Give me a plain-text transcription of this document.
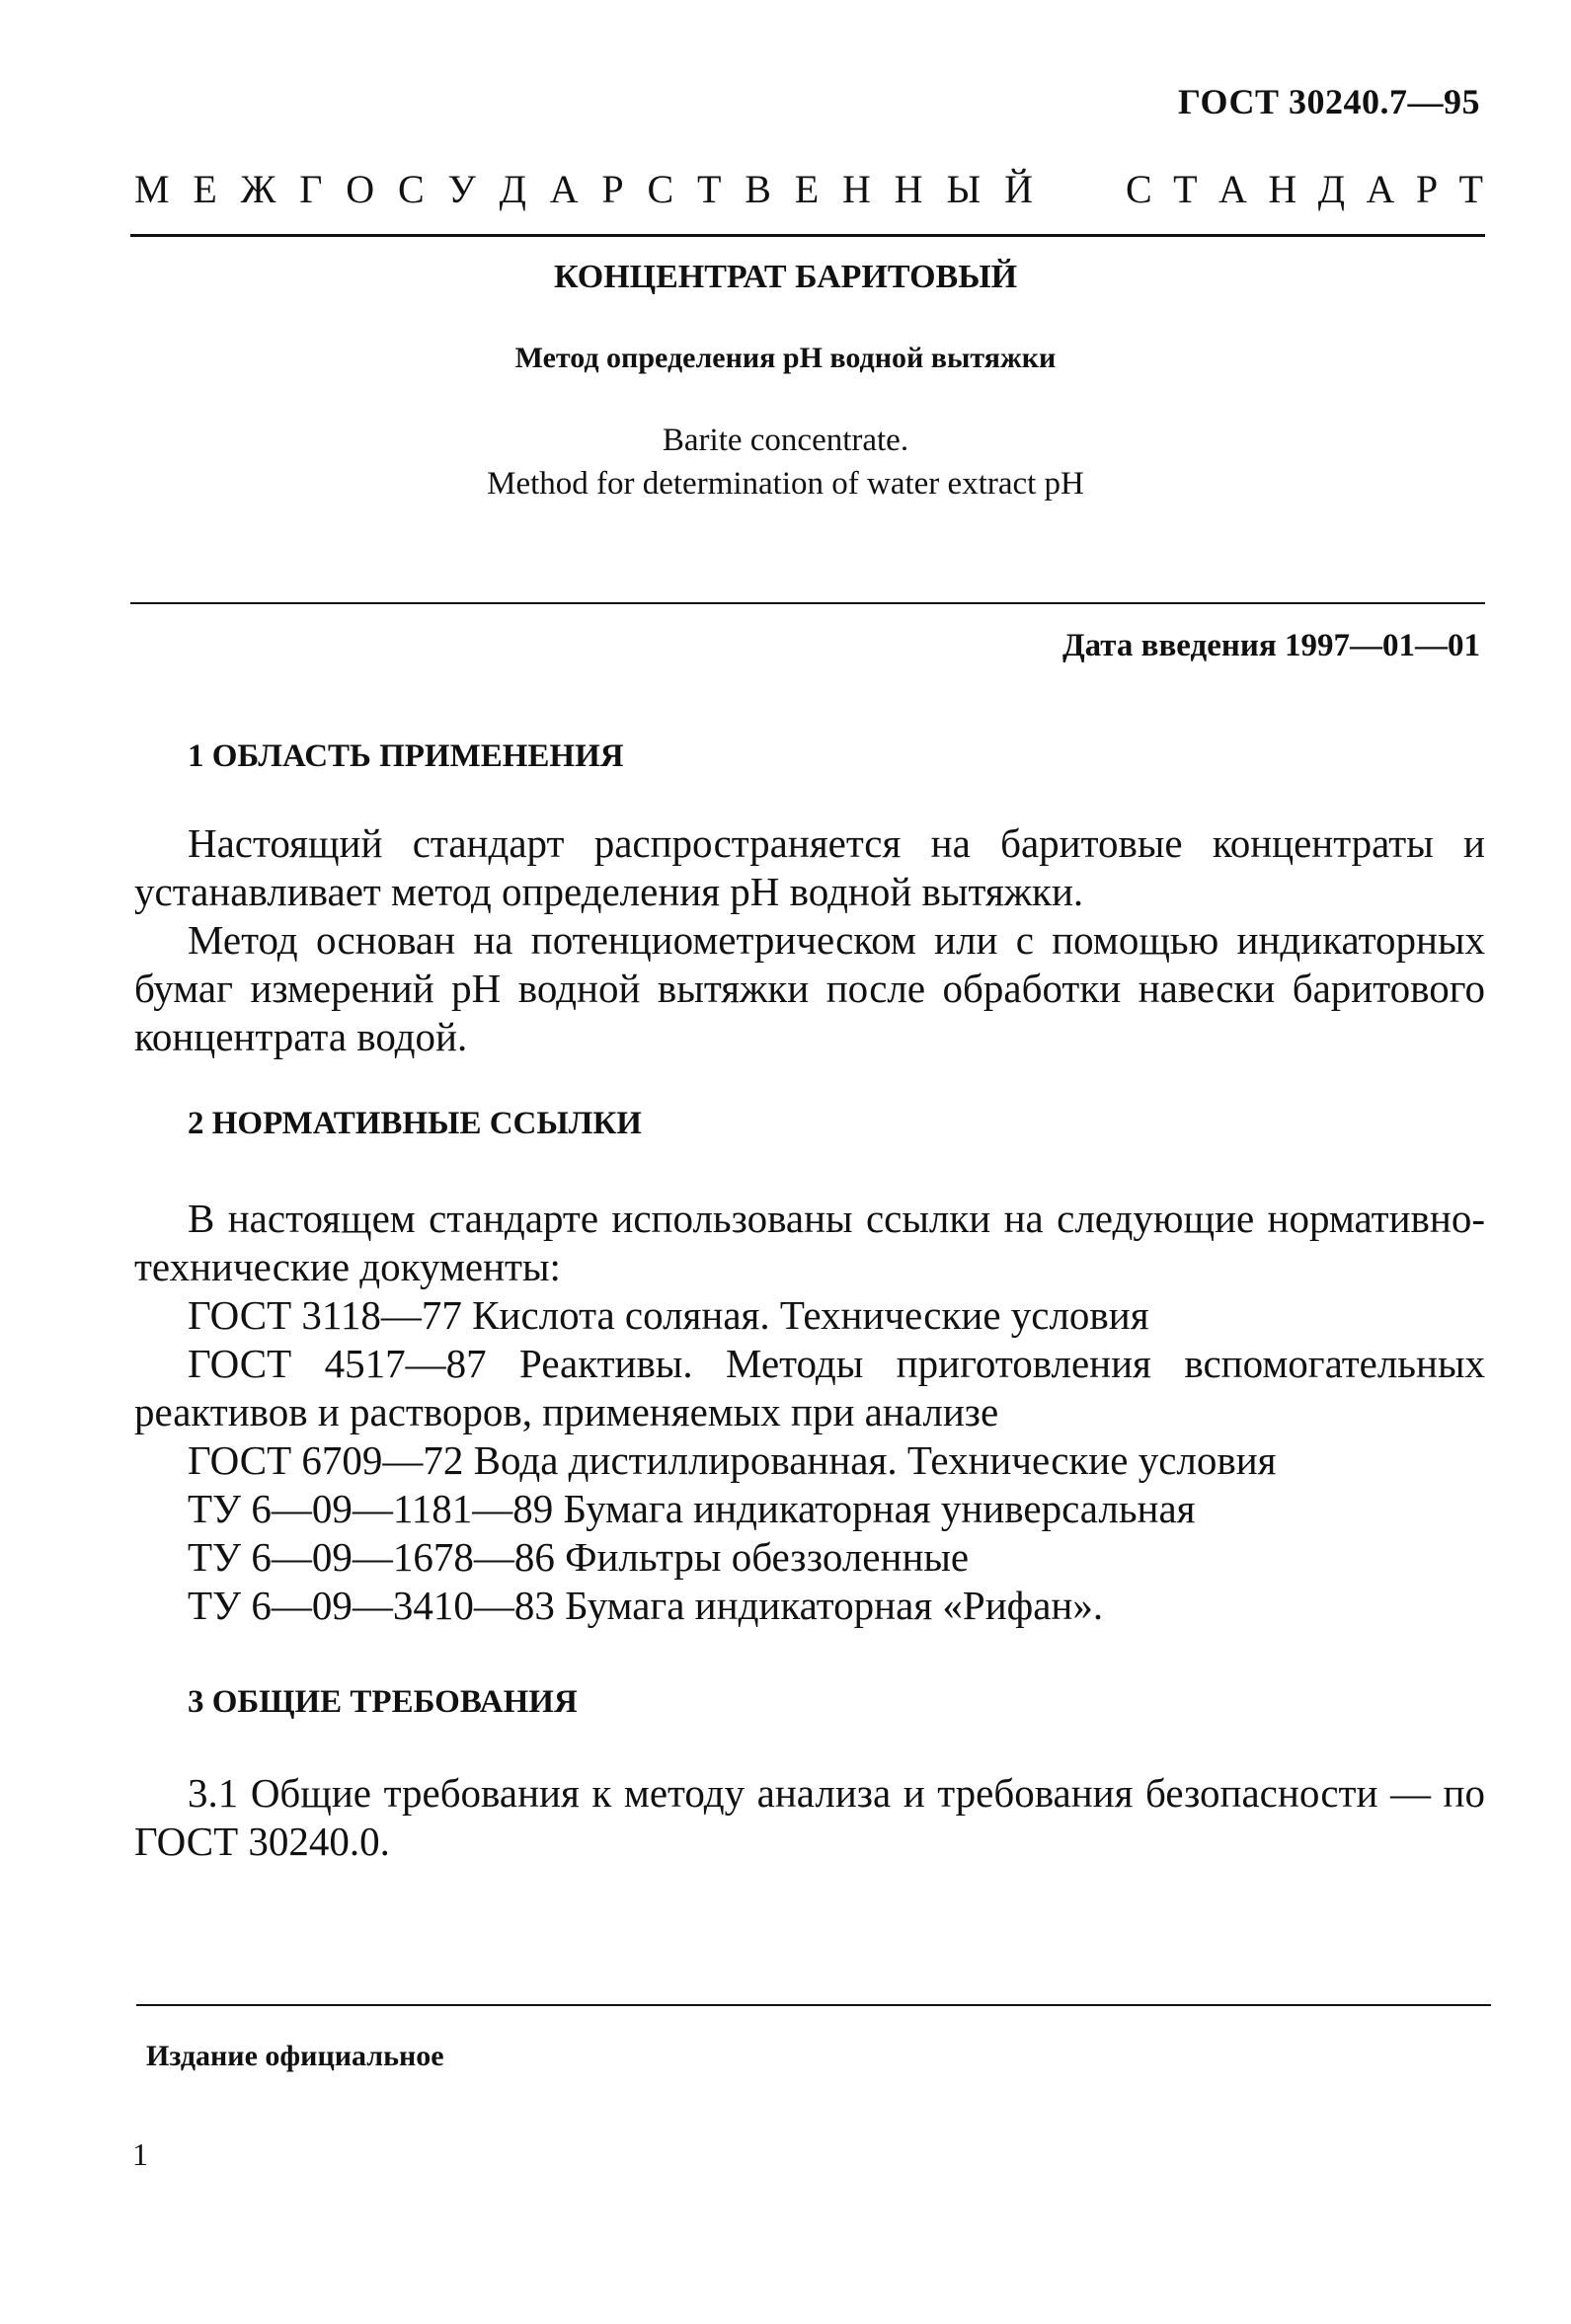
ГОСТ 30240.7—95
М Е Ж Г О С У Д А Р С Т В Е Н Н Ы Й С Т А Н Д А Р Т
КОНЦЕНТРАТ БАРИТОВЫЙ
Метод определения рН водной вытяжки
Barite concentrate.
Method for determination of water extract pH
Дата введения 1997—01—01
1 ОБЛАСТЬ ПРИМЕНЕНИЯ

Настоящий стандарт распространяется на баритовые концентраты и устанавливает метод определения рН водной вытяжки.

Метод основан на потенциометрическом или с помощью индикаторных бумаг измерений рН водной вытяжки после обработки навески баритового концентрата водой.

2 НОРМАТИВНЫЕ ССЫЛКИ

В настоящем стандарте использованы ссылки на следующие нормативно-технические документы:

ГОСТ 3118—77 Кислота соляная. Технические условия

ГОСТ 4517—87 Реактивы. Методы приготовления вспомогательных реактивов и растворов, применяемых при анализе

ГОСТ 6709—72 Вода дистиллированная. Технические условия

ТУ 6—09—1181—89 Бумага индикаторная универсальная

ТУ 6—09—1678—86 Фильтры обеззоленные

ТУ 6—09—3410—83 Бумага индикаторная «Рифан».

3 ОБЩИЕ ТРЕБОВАНИЯ

3.1 Общие требования к методу анализа и требования безопасности — по ГОСТ 30240.0.

Издание официальное
1
